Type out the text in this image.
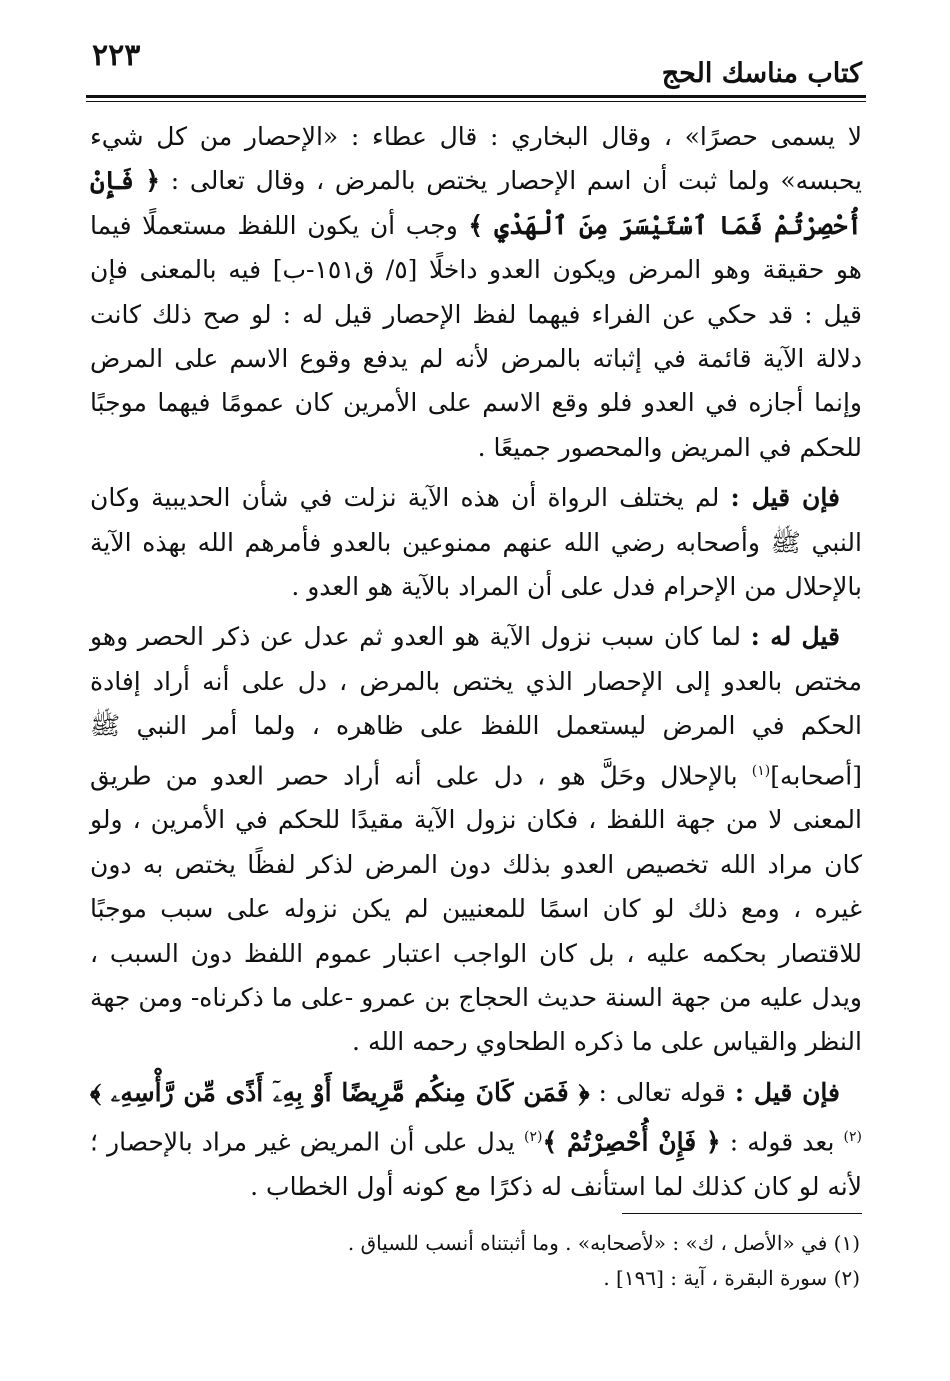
٢٢٣
كتاب مناسك الحج

لا يسمى حصرًا» ، وقال البخاري : قال عطاء : «الإحصار من كل شيء يحبسه» ولما ثبت أن اسم الإحصار يختص بالمرض ، وقال تعالى : ﴿ فَإِنْ أُحْصِرْتُمْ فَمَا ٱسْتَيْسَرَ مِنَ ٱلْهَدْيِ ﴾ وجب أن يكون اللفظ مستعملًا فيما هو حقيقة وهو المرض ويكون العدو داخلًا [٥/ ق١٥١-ب] فيه بالمعنى فإن قيل : قد حكي عن الفراء فيهما لفظ الإحصار قيل له : لو صح ذلك كانت دلالة الآية قائمة في إثباته بالمرض لأنه لم يدفع وقوع الاسم على المرض وإنما أجازه في العدو فلو وقع الاسم على الأمرين كان عمومًا فيهما موجبًا للحكم في المريض والمحصور جميعًا .

فإن قيل : لم يختلف الرواة أن هذه الآية نزلت في شأن الحديبية وكان النبي ﷺ وأصحابه رضي الله عنهم ممنوعين بالعدو فأمرهم الله بهذه الآية بالإحلال من الإحرام فدل على أن المراد بالآية هو العدو .

قيل له : لما كان سبب نزول الآية هو العدو ثم عدل عن ذكر الحصر وهو مختص بالعدو إلى الإحصار الذي يختص بالمرض ، دل على أنه أراد إفادة الحكم في المرض ليستعمل اللفظ على ظاهره ، ولما أمر النبي ﷺ [أصحابه]$^{(١)}$ بالإحلال وحَلَّ هو ، دل على أنه أراد حصر العدو من طريق المعنى لا من جهة اللفظ ، فكان نزول الآية مقيدًا للحكم في الأمرين ، ولو كان مراد الله تخصيص العدو بذلك دون المرض لذكر لفظًا يختص به دون غيره ، ومع ذلك لو كان اسمًا للمعنيين لم يكن نزوله على سبب موجبًا للاقتصار بحكمه عليه ، بل كان الواجب اعتبار عموم اللفظ دون السبب ، ويدل عليه من جهة السنة حديث الحجاج بن عمرو -على ما ذكرناه- ومن جهة النظر والقياس على ما ذكره الطحاوي رحمه الله .

فإن قيل : قوله تعالى : ﴿ فَمَن كَانَ مِنكُم مَّرِيضًا أَوْ بِهِۦٓ أَذًى مِّن رَّأْسِهِۦ ﴾$^{(٢)}$ بعد قوله : ﴿ فَإِنْ أُحْصِرْتُمْ ﴾$^{(٢)}$ يدل على أن المريض غير مراد بالإحصار ؛ لأنه لو كان كذلك لما استأنف له ذكرًا مع كونه أول الخطاب .

(١) في «الأصل ، ك» : «لأصحابه» . وما أثبتناه أنسب للسياق .

(٢) سورة البقرة ، آية : [١٩٦] .
